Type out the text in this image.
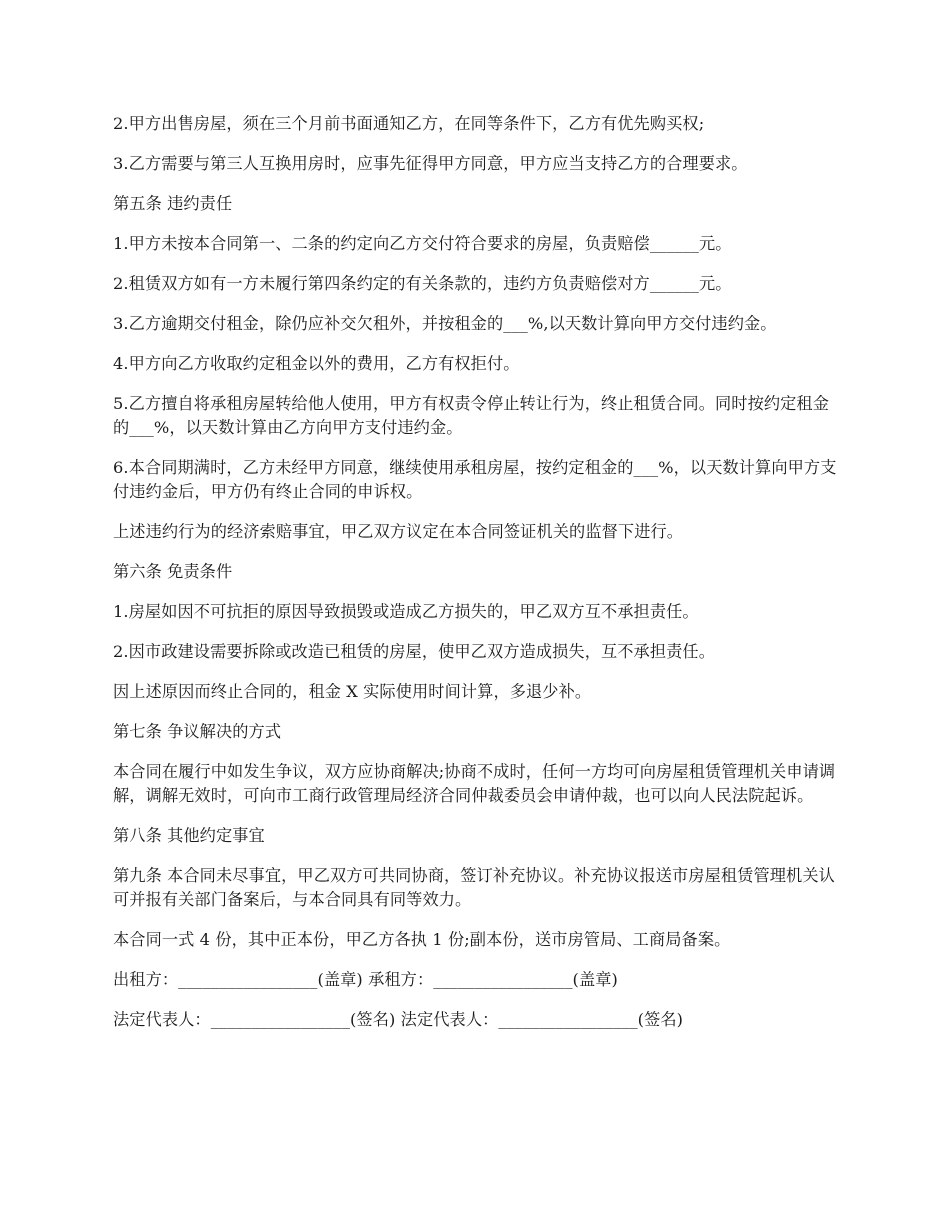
2.甲方出售房屋，须在三个月前书面通知乙方，在同等条件下，乙方有优先购买权;

3.乙方需要与第三人互换用房时，应事先征得甲方同意，甲方应当支持乙方的合理要求。

第五条 违约责任

1.甲方未按本合同第一、二条的约定向乙方交付符合要求的房屋，负责赔偿______元。

2.租赁双方如有一方未履行第四条约定的有关条款的，违约方负责赔偿对方______元。

3.乙方逾期交付租金，除仍应补交欠租外，并按租金的___%,以天数计算向甲方交付违约金。

4.甲方向乙方收取约定租金以外的费用，乙方有权拒付。

5.乙方擅自将承租房屋转给他人使用，甲方有权责令停止转让行为，终止租赁合同。同时按约定租金的___%，以天数计算由乙方向甲方支付违约金。

6.本合同期满时，乙方未经甲方同意，继续使用承租房屋，按约定租金的___%，以天数计算向甲方支付违约金后，甲方仍有终止合同的申诉权。

上述违约行为的经济索赔事宜，甲乙双方议定在本合同签证机关的监督下进行。

第六条 免责条件

1.房屋如因不可抗拒的原因导致损毁或造成乙方损失的，甲乙双方互不承担责任。

2.因市政建设需要拆除或改造已租赁的房屋，使甲乙双方造成损失，互不承担责任。

因上述原因而终止合同的，租金 X 实际使用时间计算，多退少补。

第七条 争议解决的方式

本合同在履行中如发生争议，双方应协商解决;协商不成时，任何一方均可向房屋租赁管理机关申请调解，调解无效时，可向市工商行政管理局经济合同仲裁委员会申请仲裁，也可以向人民法院起诉。

第八条 其他约定事宜

第九条 本合同未尽事宜，甲乙双方可共同协商，签订补充协议。补充协议报送市房屋租赁管理机关认可并报有关部门备案后，与本合同具有同等效力。

本合同一式 4 份，其中正本份，甲乙方各执 1 份;副本份，送市房管局、工商局备案。

出租方：_________________(盖章) 承租方：_________________(盖章)

法定代表人：_________________(签名) 法定代表人：_________________(签名)
